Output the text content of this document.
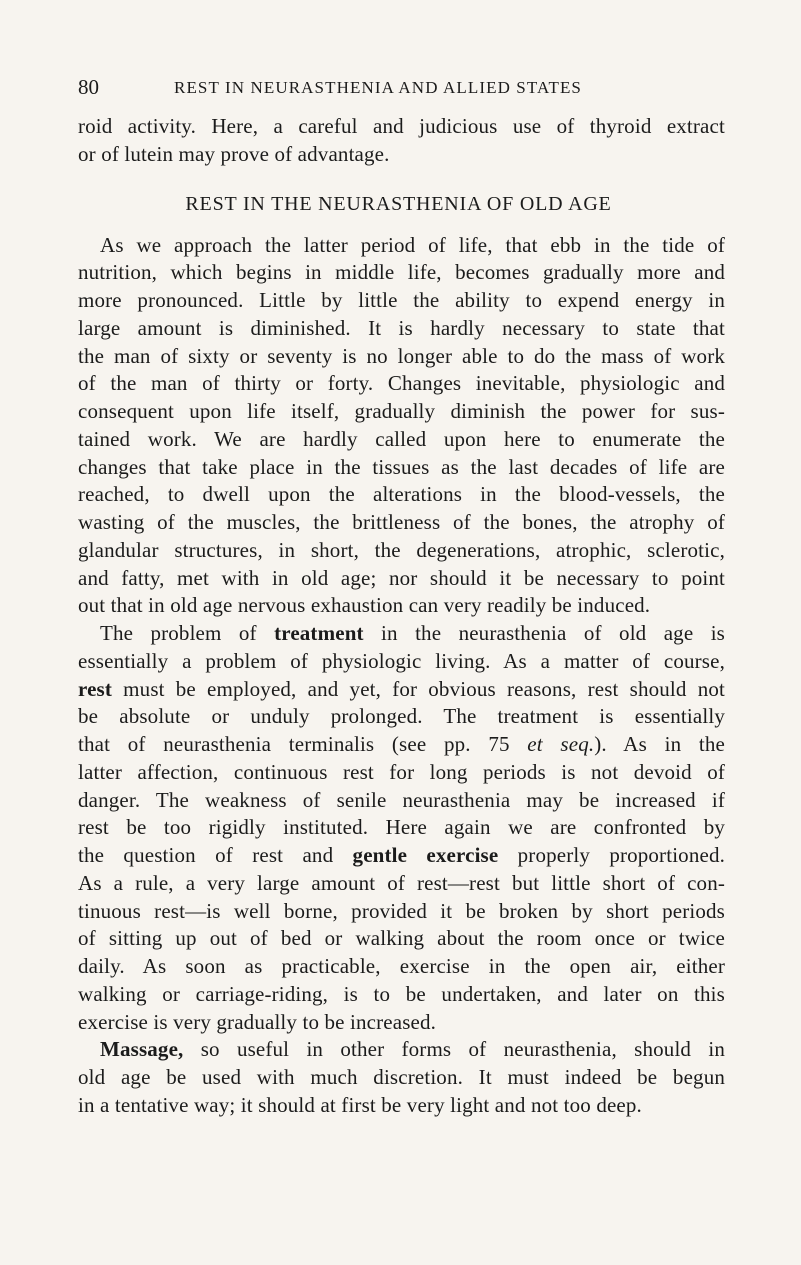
80	REST IN NEURASTHENIA AND ALLIED STATES
roid activity. Here, a careful and judicious use of thyroid extract
or of lutein may prove of advantage.
REST IN THE NEURASTHENIA OF OLD AGE
As we approach the latter period of life, that ebb in the tide of
nutrition, which begins in middle life, becomes gradually more and
more pronounced. Little by little the ability to expend energy in
large amount is diminished. It is hardly necessary to state that
the man of sixty or seventy is no longer able to do the mass of work
of the man of thirty or forty. Changes inevitable, physiologic and
consequent upon life itself, gradually diminish the power for sus-
tained work. We are hardly called upon here to enumerate the
changes that take place in the tissues as the last decades of life are
reached, to dwell upon the alterations in the blood-vessels, the
wasting of the muscles, the brittleness of the bones, the atrophy of
glandular structures, in short, the degenerations, atrophic, sclerotic,
and fatty, met with in old age; nor should it be necessary to point
out that in old age nervous exhaustion can very readily be induced.
The problem of treatment in the neurasthenia of old age is
essentially a problem of physiologic living. As a matter of course,
rest must be employed, and yet, for obvious reasons, rest should not
be absolute or unduly prolonged. The treatment is essentially
that of neurasthenia terminalis (see pp. 75 et seq.). As in the
latter affection, continuous rest for long periods is not devoid of
danger. The weakness of senile neurasthenia may be increased if
rest be too rigidly instituted. Here again we are confronted by
the question of rest and gentle exercise properly proportioned.
As a rule, a very large amount of rest—rest but little short of con-
tinuous rest—is well borne, provided it be broken by short periods
of sitting up out of bed or walking about the room once or twice
daily. As soon as practicable, exercise in the open air, either
walking or carriage-riding, is to be undertaken, and later on this
exercise is very gradually to be increased.
Massage, so useful in other forms of neurasthenia, should in
old age be used with much discretion. It must indeed be begun
in a tentative way; it should at first be very light and not too deep.
